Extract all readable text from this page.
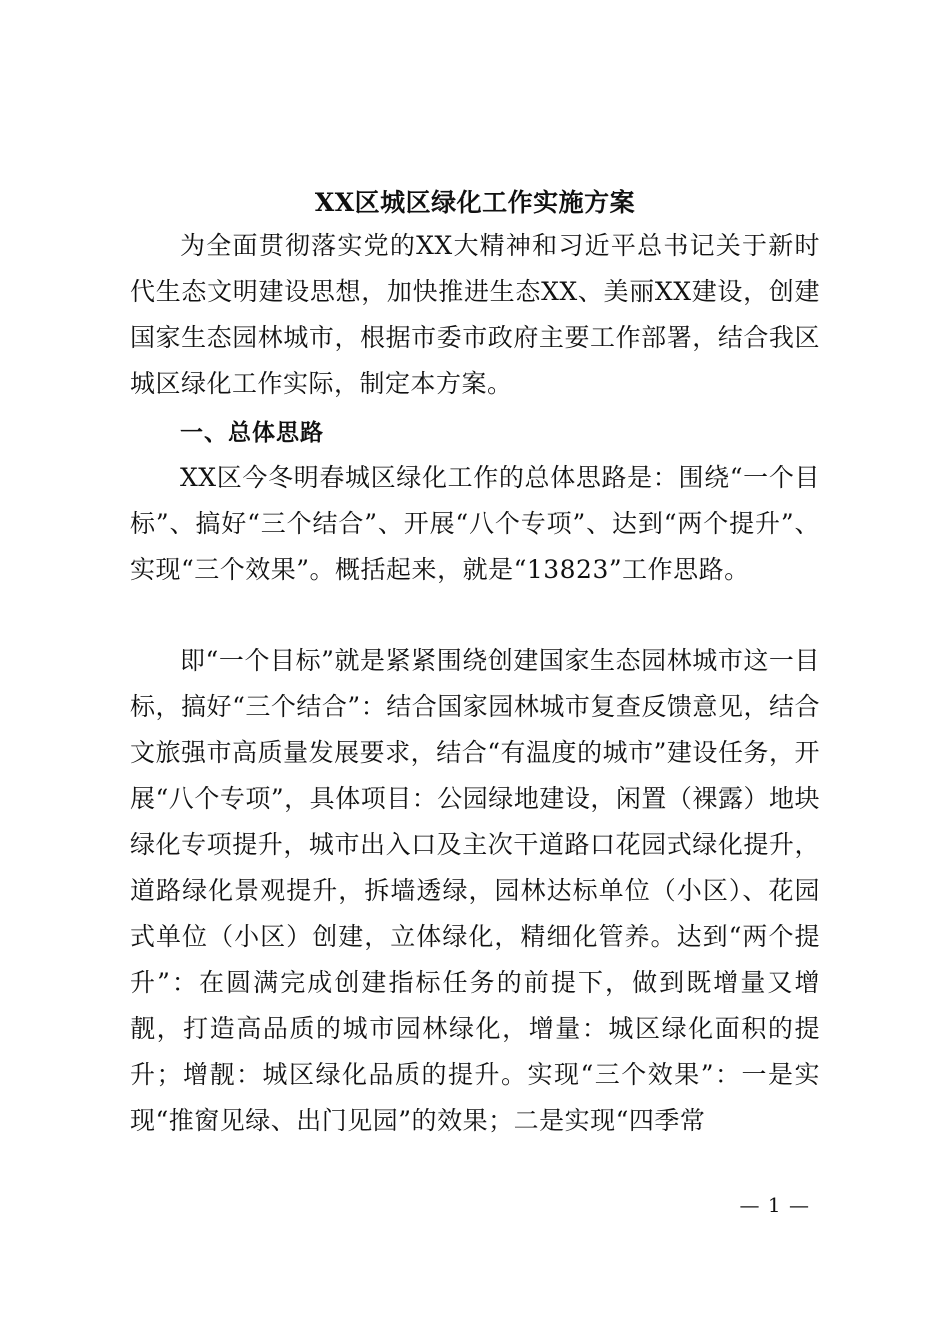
XX区城区绿化工作实施方案

为全面贯彻落实党的XX大精神和习近平总书记关于新时代生态文明建设思想，加快推进生态XX、美丽XX建设，创建国家生态园林城市，根据市委市政府主要工作部署，结合我区城区绿化工作实际，制定本方案。

一、总体思路

XX区今冬明春城区绿化工作的总体思路是：围绕“一个目标”、搞好“三个结合”、开展“八个专项”、达到“两个提升”、实现“三个效果”。概括起来，就是“13823”工作思路。

即“一个目标”就是紧紧围绕创建国家生态园林城市这一目标，搞好“三个结合”：结合国家园林城市复查反馈意见，结合文旅强市高质量发展要求，结合“有温度的城市”建设任务，开展“八个专项”，具体项目：公园绿地建设，闲置（裸露）地块绿化专项提升，城市出入口及主次干道路口花园式绿化提升，道路绿化景观提升，拆墙透绿，园林达标单位（小区）、花园式单位（小区）创建，立体绿化，精细化管养。达到“两个提升”：在圆满完成创建指标任务的前提下，做到既增量又增靓，打造高品质的城市园林绿化，增量：城区绿化面积的提升；增靓：城区绿化品质的提升。实现“三个效果”：一是实现“推窗见绿、出门见园”的效果；二是实现“四季常

— 1 —
